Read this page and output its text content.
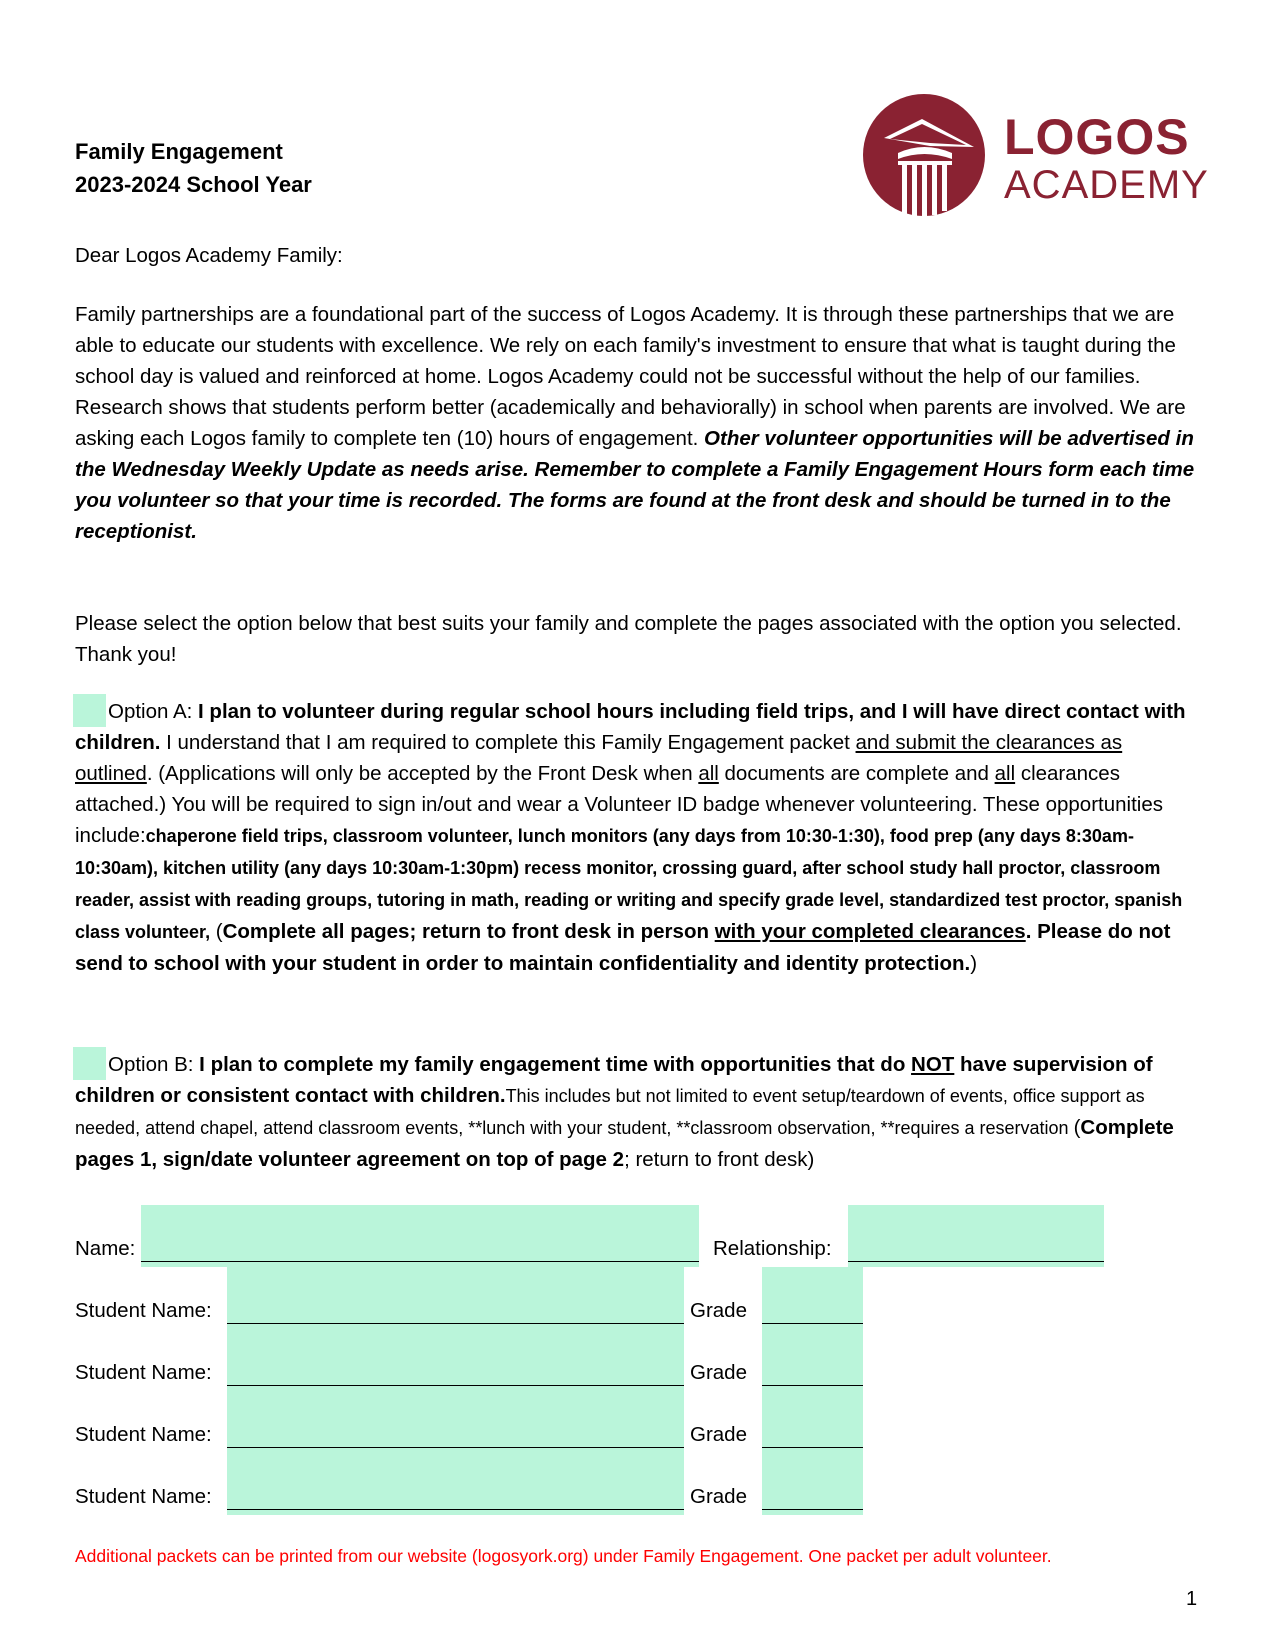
Family Engagement
2023-2024 School Year
LOGOS
ACADEMY
Dear Logos Academy Family:
Family partnerships are a foundational part of the success of Logos Academy. It is through these partnerships that we are able to educate our students with excellence. We rely on each family's investment to ensure that what is taught during the school day is valued and reinforced at home. Logos Academy could not be successful without the help of our families. Research shows that students perform better (academically and behaviorally) in school when parents are involved. We are asking each Logos family to complete ten (10) hours of engagement. Other volunteer opportunities will be advertised in the Wednesday Weekly Update as needs arise. Remember to complete a Family Engagement Hours form each time you volunteer so that your time is recorded. The forms are found at the front desk and should be turned in to the receptionist.
Please select the option below that best suits your family and complete the pages associated with the option you selected. Thank you!
Option A: I plan to volunteer during regular school hours including field trips, and I will have direct contact with children. I understand that I am required to complete this Family Engagement packet and submit the clearances as outlined. (Applications will only be accepted by the Front Desk when all documents are complete and all clearances attached.) You will be required to sign in/out and wear a Volunteer ID badge whenever volunteering. These opportunities include:chaperone field trips, classroom volunteer, lunch monitors (any days from 10:30-1:30), food prep (any days 8:30am-10:30am), kitchen utility (any days 10:30am-1:30pm) recess monitor, crossing guard, after school study hall proctor, classroom reader, assist with reading groups, tutoring in math, reading or writing and specify grade level, standardized test proctor, spanish class volunteer, (Complete all pages; return to front desk in person with your completed clearances. Please do not send to school with your student in order to maintain confidentiality and identity protection.)
Option B: I plan to complete my family engagement time with opportunities that do NOT have supervision of children or consistent contact with children.This includes but not limited to event setup/teardown of events, office support as needed, attend chapel, attend classroom events, **lunch with your student, **classroom observation, **requires a reservation (Complete pages 1, sign/date volunteer agreement on top of page 2; return to front desk)
Name:	Relationship:
Student Name:	Grade
Student Name:	Grade
Student Name:	Grade
Student Name:	Grade
Additional packets can be printed from our website (logosyork.org) under Family Engagement. One packet per adult volunteer.
1
